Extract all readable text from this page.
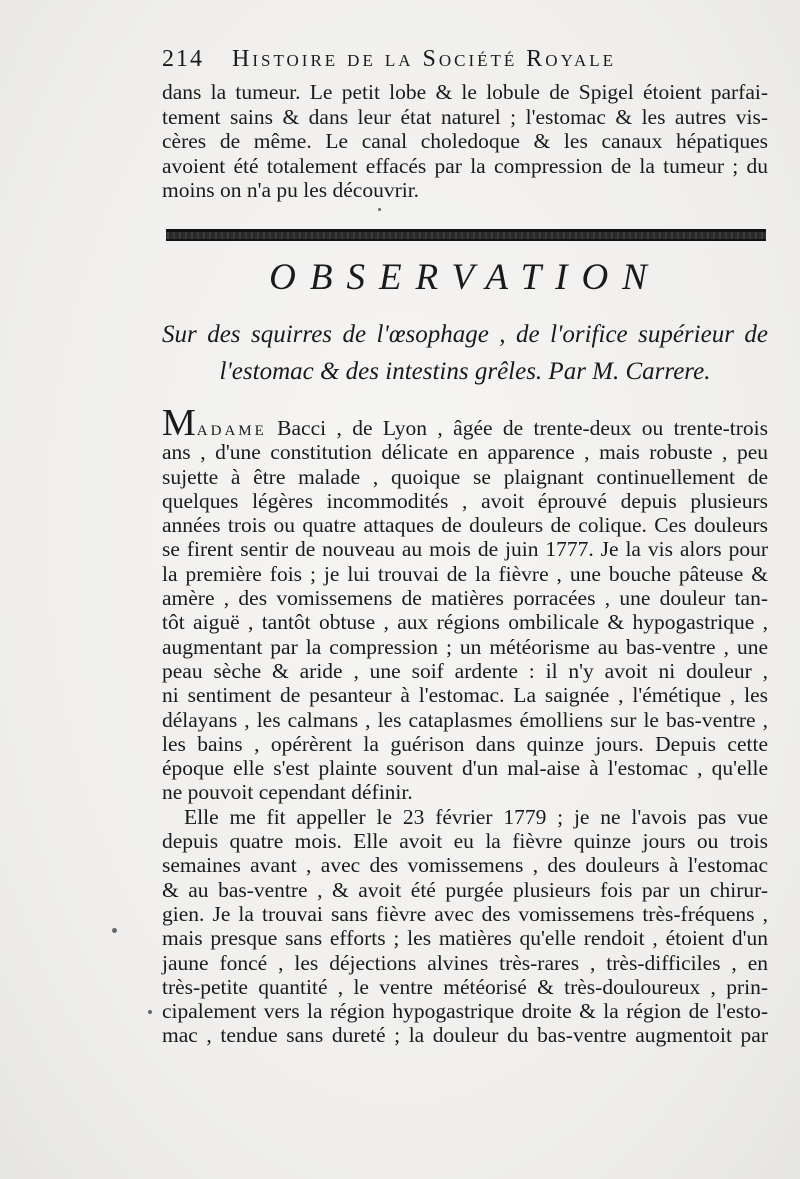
214 Histoire de la Société Royale
dans la tumeur. Le petit lobe & le lobule de Spigel étoient parfai-
tement sains & dans leur état naturel ; l'estomac & les autres vis-
cères de même. Le canal choledoque & les canaux hépatiques
avoient été totalement effacés par la compression de la tumeur ; du
moins on n'a pu les découvrir.
OBSERVATION
Sur des squirres de l'œsophage , de l'orifice supérieur de
l'estomac & des intestins grêles. Par M. Carrere.
Madame Bacci , de Lyon , âgée de trente-deux ou trente-trois
ans , d'une constitution délicate en apparence , mais robuste , peu
sujette à être malade , quoique se plaignant continuellement de
quelques légères incommodités , avoit éprouvé depuis plusieurs
années trois ou quatre attaques de douleurs de colique. Ces douleurs
se firent sentir de nouveau au mois de juin 1777. Je la vis alors pour
la première fois ; je lui trouvai de la fièvre , une bouche pâteuse &
amère , des vomissemens de matières porracées , une douleur tan-
tôt aiguë , tantôt obtuse , aux régions ombilicale & hypogastrique ,
augmentant par la compression ; un météorisme au bas-ventre , une
peau sèche & aride , une soif ardente : il n'y avoit ni douleur ,
ni sentiment de pesanteur à l'estomac. La saignée , l'émétique , les
délayans , les calmans , les cataplasmes émolliens sur le bas-ventre ,
les bains , opérèrent la guérison dans quinze jours. Depuis cette
époque elle s'est plainte souvent d'un mal-aise à l'estomac , qu'elle
ne pouvoit cependant définir.
Elle me fit appeller le 23 février 1779 ; je ne l'avois pas vue
depuis quatre mois. Elle avoit eu la fièvre quinze jours ou trois
semaines avant , avec des vomissemens , des douleurs à l'estomac
& au bas-ventre , & avoit été purgée plusieurs fois par un chirur-
gien. Je la trouvai sans fièvre avec des vomissemens très-fréquens ,
mais presque sans efforts ; les matières qu'elle rendoit , étoient d'un
jaune foncé , les déjections alvines très-rares , très-difficiles , en
très-petite quantité , le ventre météorisé & très-douloureux , prin-
cipalement vers la région hypogastrique droite & la région de l'esto-
mac , tendue sans dureté ; la douleur du bas-ventre augmentoit par
